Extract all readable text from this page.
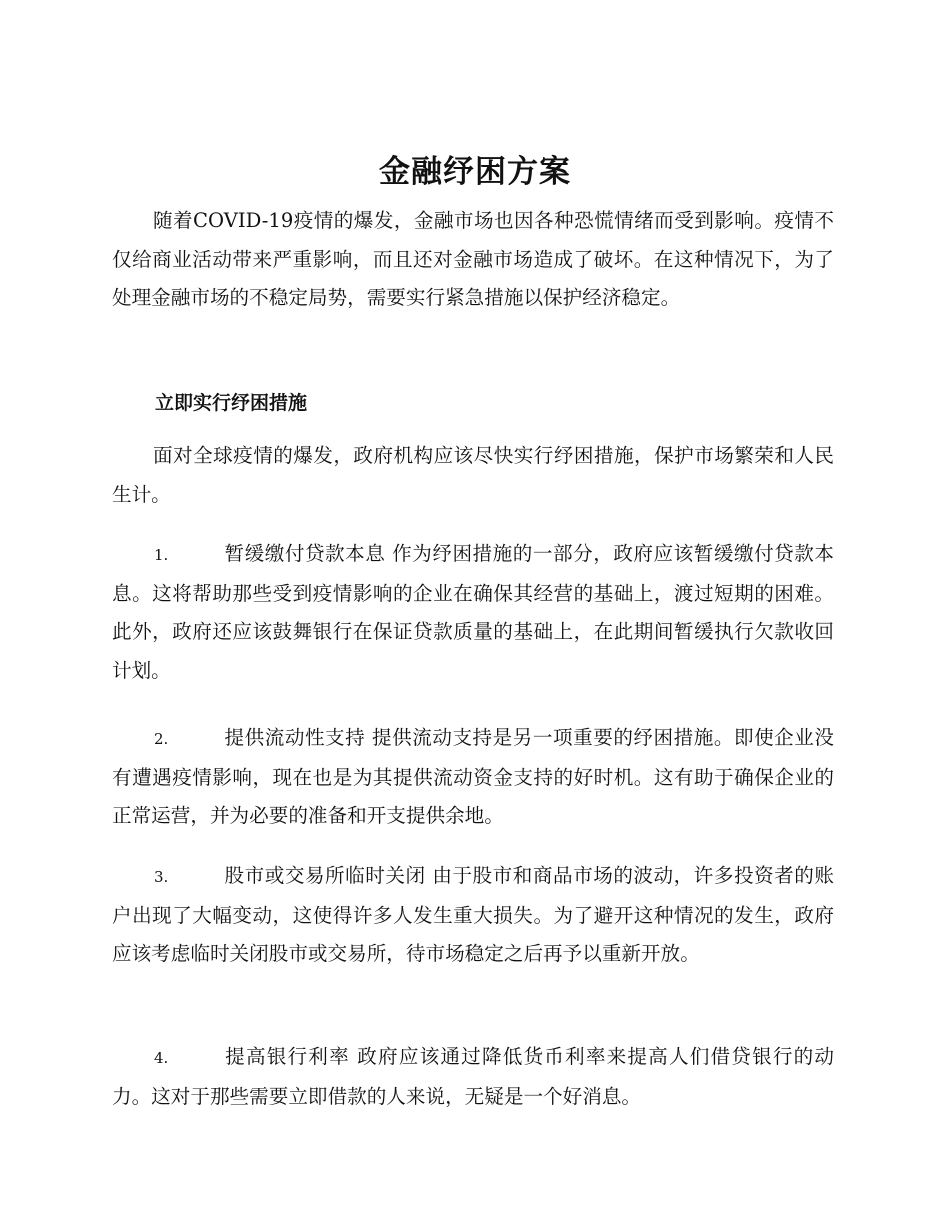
金融纾困方案

随着COVID-19疫情的爆发，金融市场也因各种恐慌情绪而受到影响。疫情不仅给商业活动带来严重影响，而且还对金融市场造成了破坏。在这种情况下，为了处理金融市场的不稳定局势，需要实行紧急措施以保护经济稳定。

立即实行纾困措施

面对全球疫情的爆发，政府机构应该尽快实行纾困措施，保护市场繁荣和人民生计。

1.	暂缓缴付贷款本息 作为纾困措施的一部分，政府应该暂缓缴付贷款本息。这将帮助那些受到疫情影响的企业在确保其经营的基础上，渡过短期的困难。此外，政府还应该鼓舞银行在保证贷款质量的基础上，在此期间暂缓执行欠款收回计划。

2.	提供流动性支持 提供流动支持是另一项重要的纾困措施。即使企业没有遭遇疫情影响，现在也是为其提供流动资金支持的好时机。这有助于确保企业的正常运营，并为必要的准备和开支提供余地。

3.	股市或交易所临时关闭 由于股市和商品市场的波动，许多投资者的账户出现了大幅变动，这使得许多人发生重大损失。为了避开这种情况的发生，政府应该考虑临时关闭股市或交易所，待市场稳定之后再予以重新开放。

4.	提高银行利率 政府应该通过降低货币利率来提高人们借贷银行的动力。这对于那些需要立即借款的人来说，无疑是一个好消息。
